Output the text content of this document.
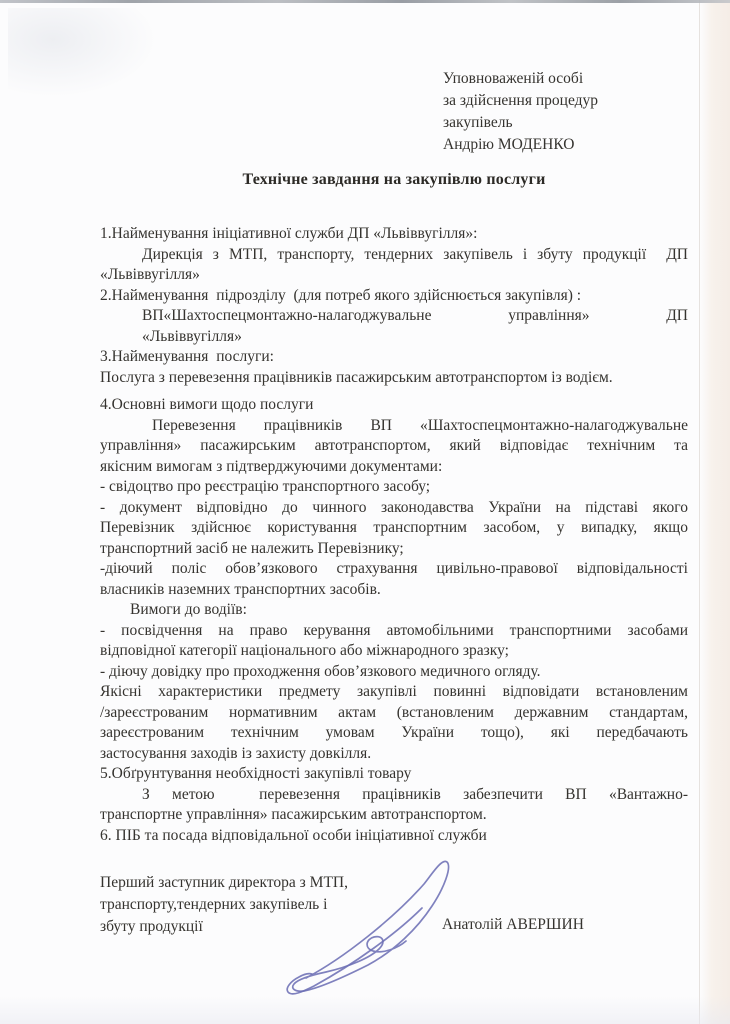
Уповноваженій особі
за здійснення процедур
закупівель
Андрію МОДЕНКО
Технічне завдання на закупівлю послуги
1.Найменування ініціативної служби ДП «Львіввугілля»:
Дирекція з МТП, транспорту, тендерних закупівель і збуту продукції  ДП
«Львіввугілля»
2.Найменування  підрозділу  (для потреб якого здійснюється закупівля) :
ВП«Шахтоспецмонтажно-налагоджувальне управління» ДП
«Львіввугілля»
3.Найменування  послуги:
Послуга з перевезення працівників пасажирським автотранспортом із водієм.
4.Основні вимоги щодо послуги
Перевезення працівників ВП «Шахтоспецмонтажно-налагоджувальне
управління» пасажирським автотранспортом, який відповідає технічним та
якісним вимогам з підтверджуючими документами:
- свідоцтво про реєстрацію транспортного засобу;
- документ відповідно до чинного законодавства України на підставі якого
Перевізник здійснює користування транспортним засобом, у випадку, якщо
транспортний засіб не належить Перевізнику;
-діючий поліс обов’язкового страхування цивільно-правової відповідальності
власників наземних транспортних засобів.
Вимоги до водіїв:
- посвідчення на право керування автомобільними транспортними засобами
відповідної категорії національного або міжнародного зразку;
- діючу довідку про проходження обов’язкового медичного огляду.
Якісні характеристики предмету закупівлі повинні відповідати встановленим
/зареєстрованим нормативним актам (встановленим державним стандартам,
зареєстрованим технічним умовам України тощо), які передбачають
застосування заходів із захисту довкілля.
5.Обґрунтування необхідності закупівлі товару
З метою  перевезення працівників забезпечити ВП «Вантажно-
транспортне управління» пасажирським автотранспортом.
6. ПІБ та посада відповідальної особи ініціативної служби
Перший заступник директора з МТП,
транспорту,тендерних закупівель і
збуту продукції	Анатолій АВЕРШИН
